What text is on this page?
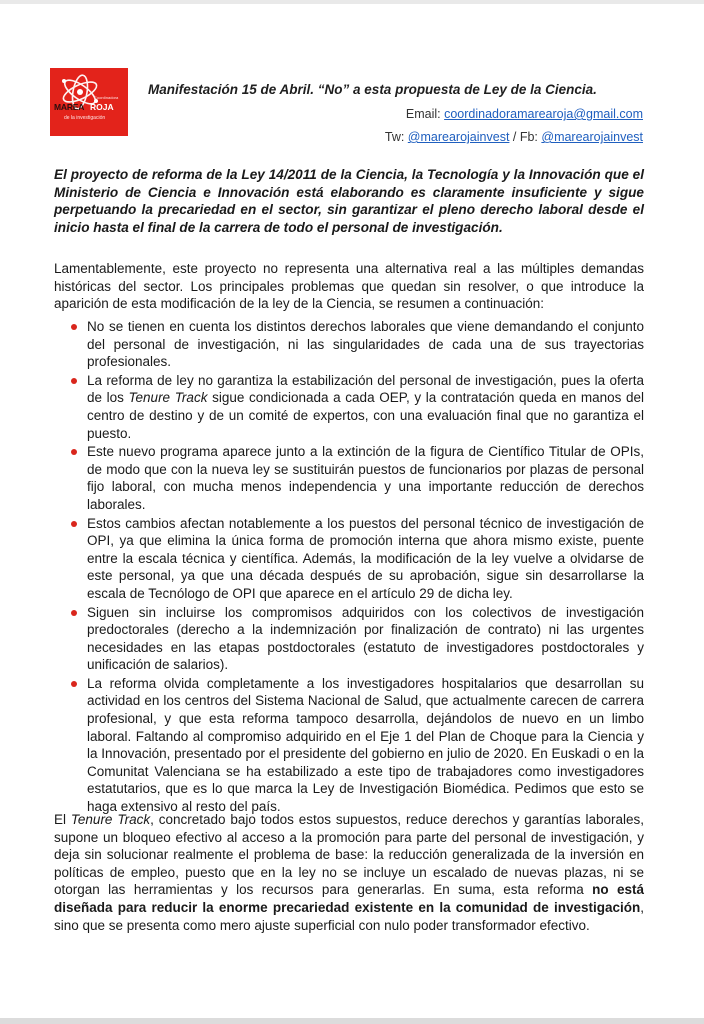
Coordinadora
MAREA ROJA
de la investigación
Manifestación 15 de Abril. “No” a esta propuesta de Ley de la Ciencia.
Email: coordinadoramarearoja@gmail.com
Tw: @marearojainvest / Fb: @marearojainvest
El proyecto de reforma de la Ley 14/2011 de la Ciencia, la Tecnología y la Innovación que el Ministerio de Ciencia e Innovación está elaborando es claramente insuficiente y sigue perpetuando la precariedad en el sector, sin garantizar el pleno derecho laboral desde el inicio hasta el final de la carrera de todo el personal de investigación.
Lamentablemente, este proyecto no representa una alternativa real a las múltiples demandas históricas del sector. Los principales problemas que quedan sin resolver, o que introduce la aparición de esta modificación de la ley de la Ciencia, se resumen a continuación:
No se tienen en cuenta los distintos derechos laborales que viene demandando el conjunto del personal de investigación, ni las singularidades de cada una de sus trayectorias profesionales.
La reforma de ley no garantiza la estabilización del personal de investigación, pues la oferta de los Tenure Track sigue condicionada a cada OEP, y la contratación queda en manos del centro de destino y de un comité de expertos, con una evaluación final que no garantiza el puesto.
Este nuevo programa aparece junto a la extinción de la figura de Científico Titular de OPIs, de modo que con la nueva ley se sustituirán puestos de funcionarios por plazas de personal fijo laboral, con mucha menos independencia y una importante reducción de derechos laborales.
Estos cambios afectan notablemente a los puestos del personal técnico de investigación de OPI, ya que elimina la única forma de promoción interna que ahora mismo existe, puente entre la escala técnica y científica. Además, la modificación de la ley vuelve a olvidarse de este personal, ya que una década después de su aprobación, sigue sin desarrollarse la escala de Tecnólogo de OPI que aparece en el artículo 29 de dicha ley.
Siguen sin incluirse los compromisos adquiridos con los colectivos de investigación predoctorales (derecho a la indemnización por finalización de contrato) ni las urgentes necesidades en las etapas postdoctorales (estatuto de investigadores postdoctorales y unificación de salarios).
La reforma olvida completamente a los investigadores hospitalarios que desarrollan su actividad en los centros del Sistema Nacional de Salud, que actualmente carecen de carrera profesional, y que esta reforma tampoco desarrolla, dejándolos de nuevo en un limbo laboral. Faltando al compromiso adquirido en el Eje 1 del Plan de Choque para la Ciencia y la Innovación, presentado por el presidente del gobierno en julio de 2020. En Euskadi o en la Comunitat Valenciana se ha estabilizado a este tipo de trabajadores como investigadores estatutarios, que es lo que marca la Ley de Investigación Biomédica. Pedimos que esto se haga extensivo al resto del país.
El Tenure Track, concretado bajo todos estos supuestos, reduce derechos y garantías laborales, supone un bloqueo efectivo al acceso a la promoción para parte del personal de investigación, y deja sin solucionar realmente el problema de base: la reducción generalizada de la inversión en políticas de empleo, puesto que en la ley no se incluye un escalado de nuevas plazas, ni se otorgan las herramientas y los recursos para generarlas. En suma, esta reforma no está diseñada para reducir la enorme precariedad existente en la comunidad de investigación, sino que se presenta como mero ajuste superficial con nulo poder transformador efectivo.
